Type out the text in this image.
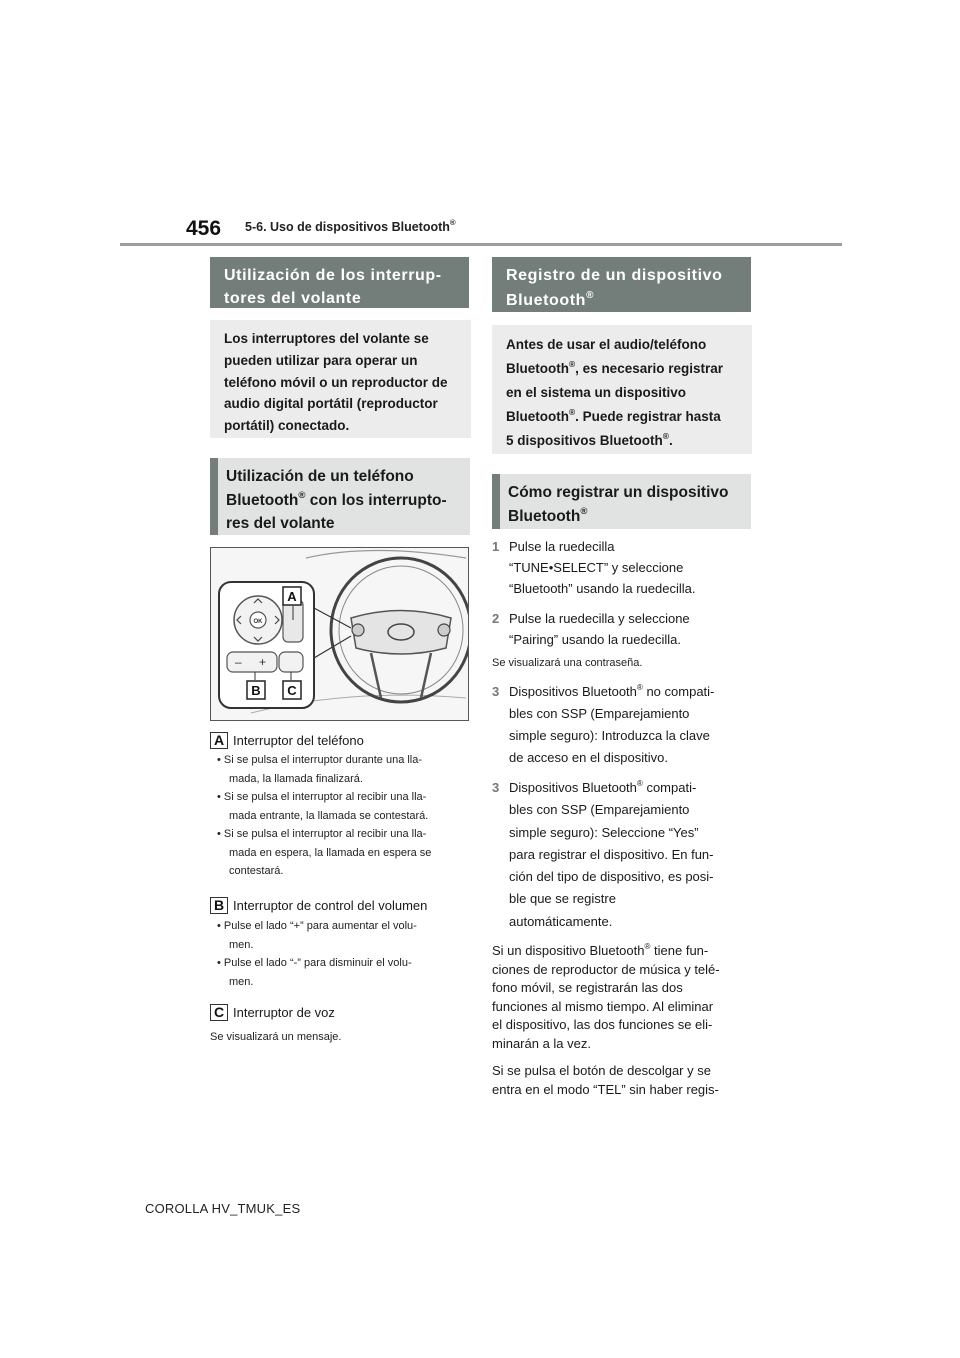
456 5-6. Uso de dispositivos Bluetooth®
Utilización de los interrup-
tores del volante
Los interruptores del volante se
pueden utilizar para operar un
teléfono móvil o un reproductor de
audio digital portátil (reproductor
portátil) conectado.
Utilización de un teléfono
Bluetooth® con los interrupto-
res del volante
OK
– +
A
B C
A Interruptor del teléfono
• Si se pulsa el interruptor durante una lla-
mada, la llamada finalizará.
• Si se pulsa el interruptor al recibir una lla-
mada entrante, la llamada se contestará.
• Si se pulsa el interruptor al recibir una lla-
mada en espera, la llamada en espera se
contestará.
B Interruptor de control del volumen
• Pulse el lado “+” para aumentar el volu-
men.
• Pulse el lado “-” para disminuir el volu-
men.
C Interruptor de voz
Se visualizará un mensaje.
Registro de un dispositivo
Bluetooth®
Antes de usar el audio/teléfono
Bluetooth®, es necesario registrar
en el sistema un dispositivo
Bluetooth®. Puede registrar hasta
5 dispositivos Bluetooth®.
Cómo registrar un dispositivo
Bluetooth®
1 Pulse la ruedecilla
“TUNE•SELECT” y seleccione
“Bluetooth” usando la ruedecilla.
2 Pulse la ruedecilla y seleccione
“Pairing” usando la ruedecilla.
Se visualizará una contraseña.
3 Dispositivos Bluetooth® no compati-
bles con SSP (Emparejamiento
simple seguro): Introduzca la clave
de acceso en el dispositivo.
3 Dispositivos Bluetooth® compati-
bles con SSP (Emparejamiento
simple seguro): Seleccione “Yes”
para registrar el dispositivo. En fun-
ción del tipo de dispositivo, es posi-
ble que se registre
automáticamente.
Si un dispositivo Bluetooth® tiene fun-
ciones de reproductor de música y telé-
fono móvil, se registrarán las dos
funciones al mismo tiempo. Al eliminar
el dispositivo, las dos funciones se eli-
minarán a la vez.
Si se pulsa el botón de descolgar y se
entra en el modo “TEL” sin haber regis-
COROLLA HV_TMUK_ES
